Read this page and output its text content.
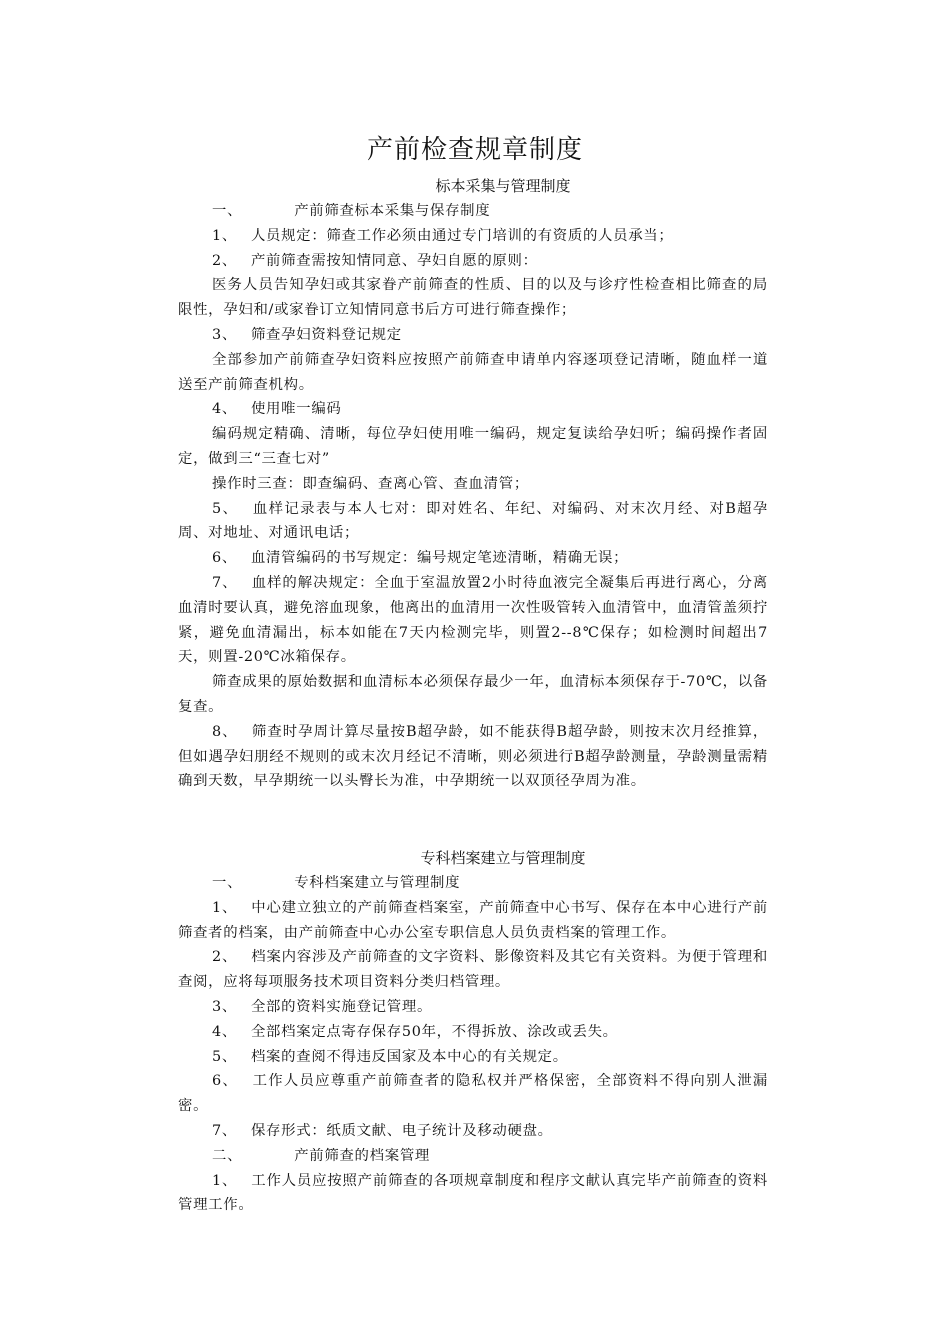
产前检查规章制度
标本采集与管理制度

一、	产前筛查标本采集与保存制度

1、 人员规定：筛查工作必须由通过专门培训的有资质的人员承当；

2、 产前筛查需按知情同意、孕妇自愿的原则：

医务人员告知孕妇或其家眷产前筛查的性质、目的以及与诊疗性检查相比筛查的局限性，孕妇和/或家眷订立知情同意书后方可进行筛查操作；

3、 筛查孕妇资料登记规定

全部参加产前筛查孕妇资料应按照产前筛查申请单内容逐项登记清晰，随血样一道送至产前筛查机构。

4、 使用唯一编码

编码规定精确、清晰，每位孕妇使用唯一编码，规定复读给孕妇听；编码操作者固定，做到三“三查七对”

操作时三查：即查编码、查离心管、查血清管；

5、 血样记录表与本人七对：即对姓名、年纪、对编码、对末次月经、对B超孕周、对地址、对通讯电话；

6、 血清管编码的书写规定：编号规定笔迹清晰，精确无误；

7、 血样的解决规定：全血于室温放置2小时待血液完全凝集后再进行离心，分离血清时要认真，避免溶血现象，他离出的血清用一次性吸管转入血清管中，血清管盖须拧紧，避免血清漏出，标本如能在7天内检测完毕，则置2--8℃保存；如检测时间超出7天，则置-20℃冰箱保存。

筛查成果的原始数据和血清标本必须保存最少一年，血清标本须保存于-70℃，以备复查。

8、 筛查时孕周计算尽量按B超孕龄，如不能获得B超孕龄，则按末次月经推算，但如遇孕妇朋经不规则的或末次月经记不清晰，则必须进行B超孕龄测量，孕龄测量需精确到天数，早孕期统一以头臀长为准，中孕期统一以双顶径孕周为准。

专科档案建立与管理制度

一、	专科档案建立与管理制度

1、 中心建立独立的产前筛查档案室，产前筛查中心书写、保存在本中心进行产前筛查者的档案，由产前筛查中心办公室专职信息人员负责档案的管理工作。

2、 档案内容涉及产前筛查的文字资料、影像资料及其它有关资料。为便于管理和查阅，应将每项服务技术项目资料分类归档管理。

3、 全部的资料实施登记管理。

4、 全部档案定点寄存保存50年，不得拆放、涂改或丢失。

5、 档案的查阅不得违反国家及本中心的有关规定。

6、 工作人员应尊重产前筛查者的隐私权并严格保密，全部资料不得向别人泄漏密。

7、 保存形式：纸质文献、电子统计及移动硬盘。

二、	产前筛查的档案管理

1、 工作人员应按照产前筛查的各项规章制度和程序文献认真完毕产前筛查的资料管理工作。
